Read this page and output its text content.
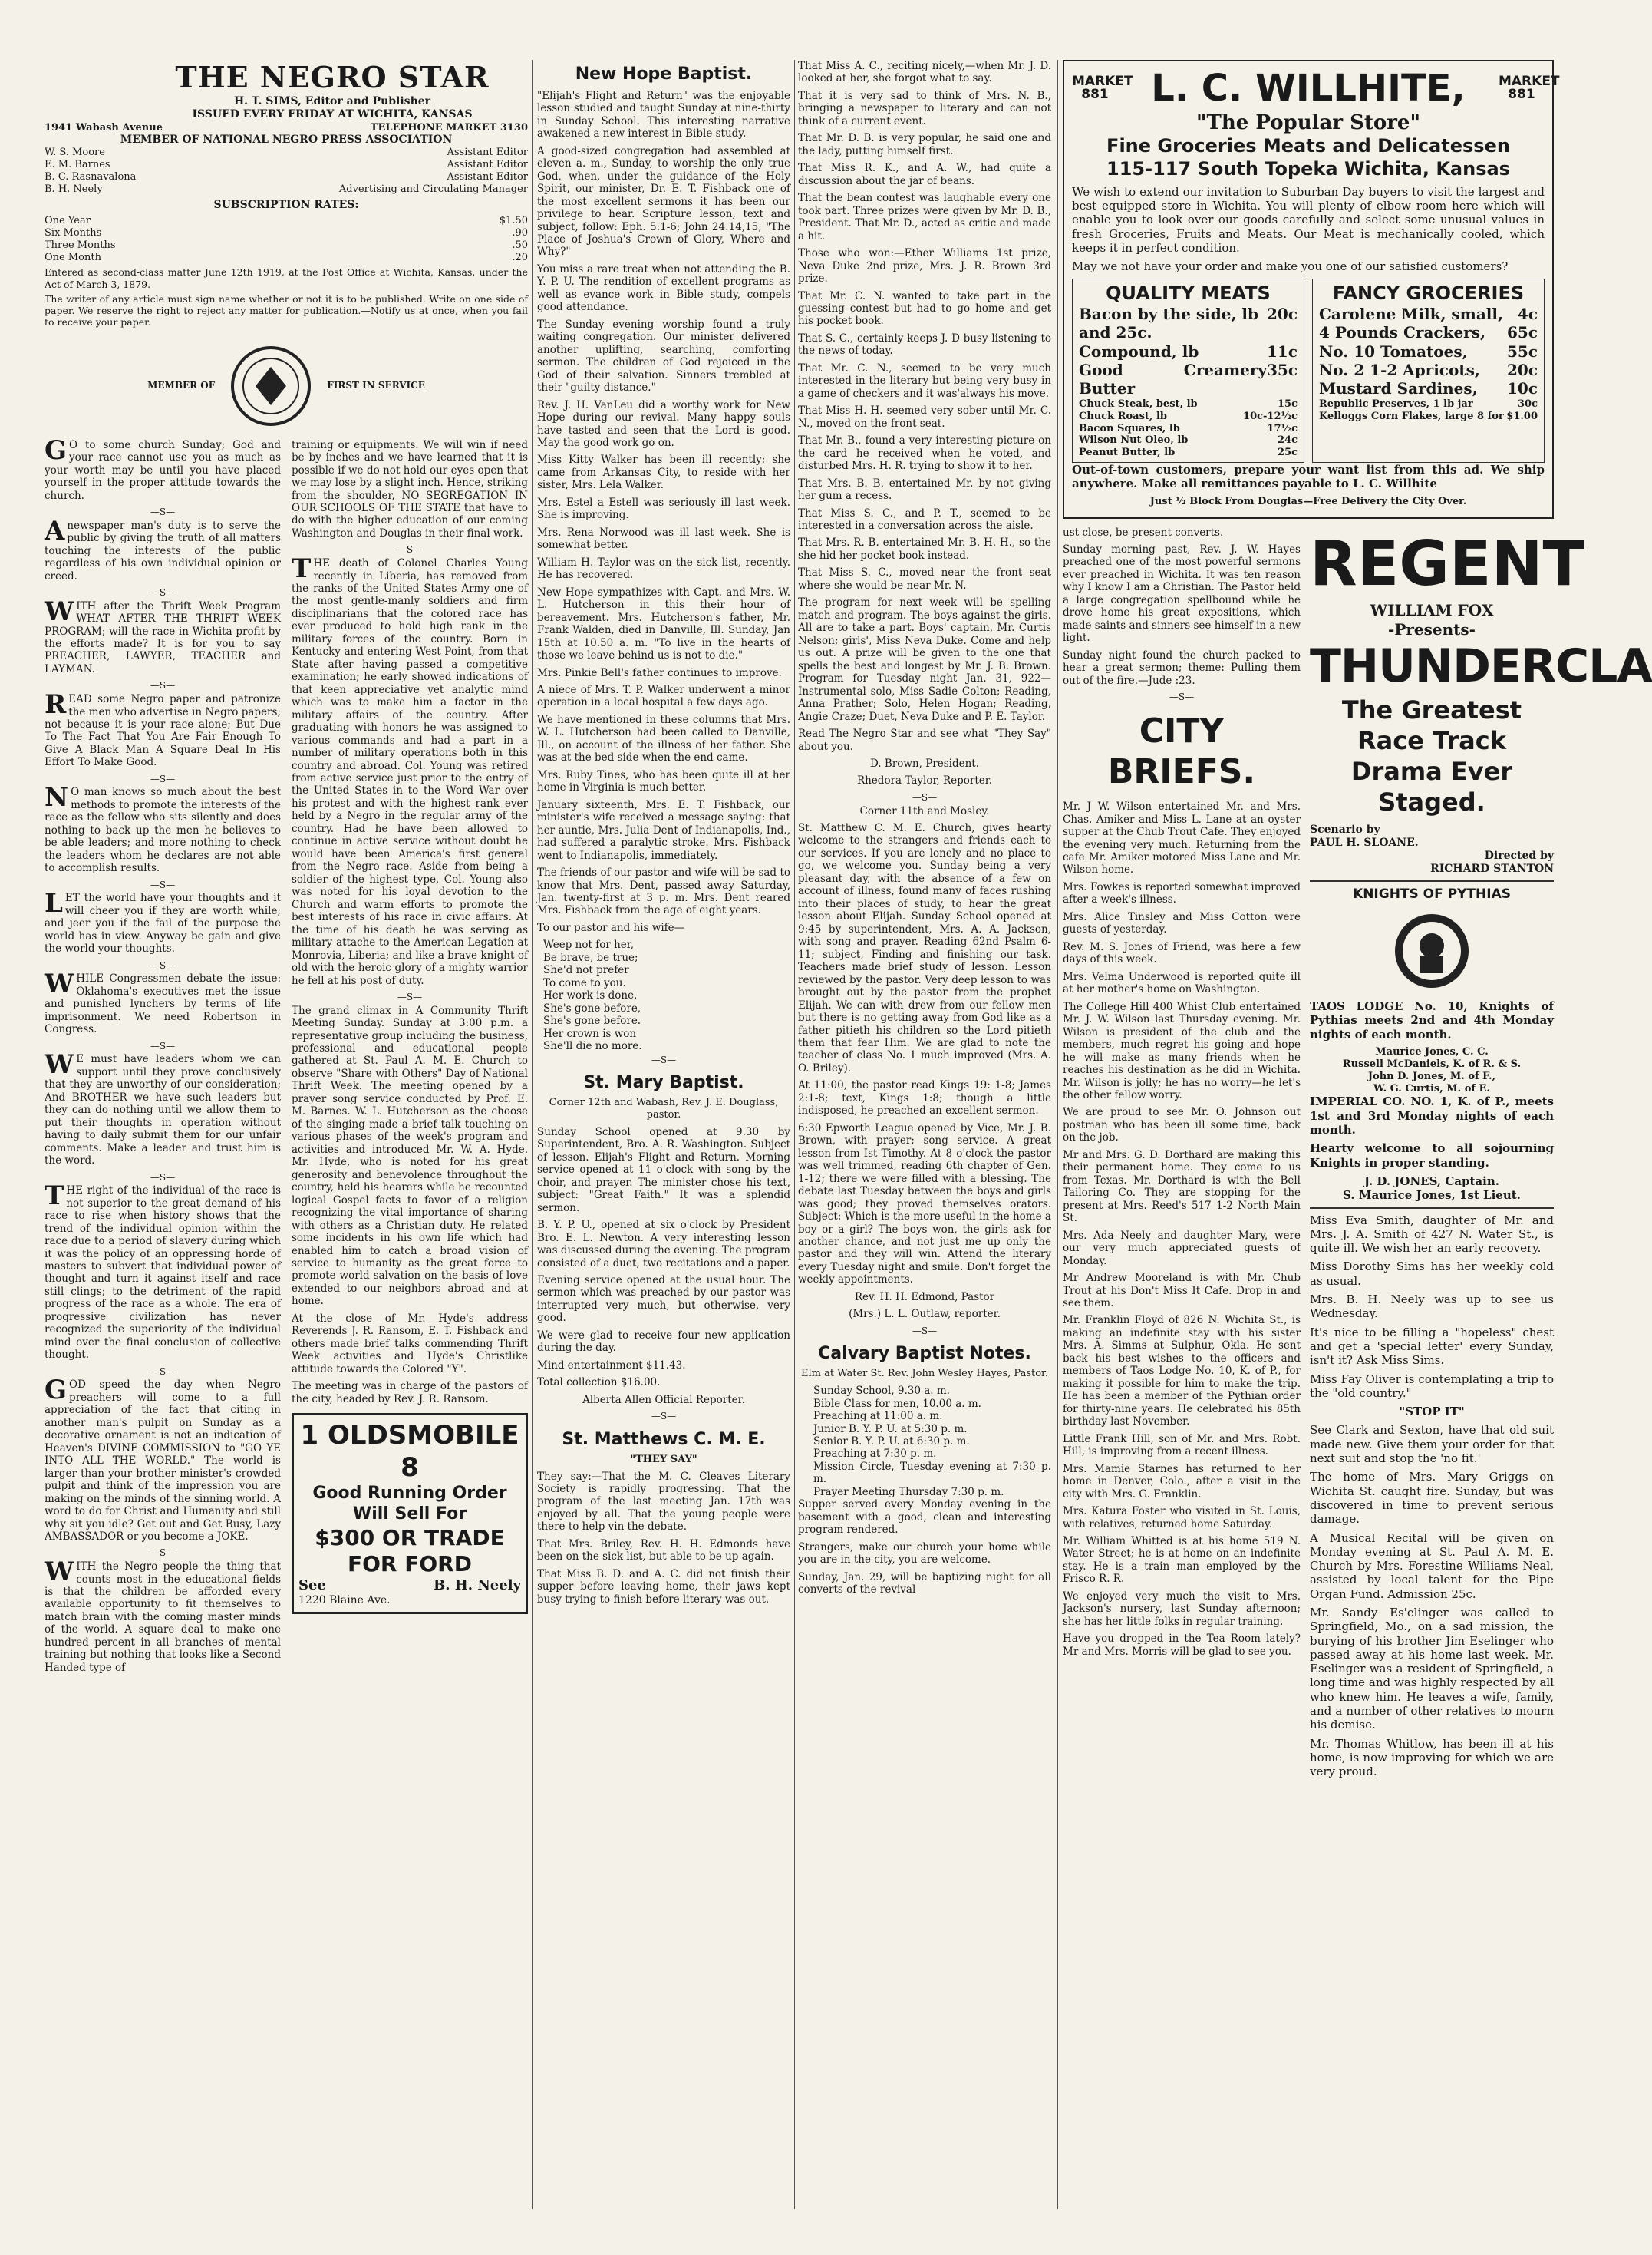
THE NEGRO STAR
H. T. SIMS, Editor and Publisher
ISSUED EVERY FRIDAY AT WICHITA, KANSAS
1941 Wabash Avenue	TELEPHONE MARKET 3130
MEMBER OF NATIONAL NEGRO PRESS ASSOCIATION
W. S. Moore	Assistant Editor
E. M. Barnes	Assistant Editor
B. C. Rasnavalona	Assistant Editor
B. H. Neely	Advertising and Circulating Manager
SUBSCRIPTION RATES:
One Year	$1.50
Six Months	.90
Three Months	.50
One Month	.20
Entered as second-class matter June 12th 1919, at the Post Office at Wichita, Kansas, under the Act of March 3, 1879.
The writer of any article must sign name whether or not it is to be published. Write on one side of paper. We reserve the right to reject any matter for publication.—Notify us at once, when you fail to receive your paper.
MEMBER OF	FIRST IN SERVICE

GO to some church Sunday; God and your race cannot use you as much as your worth may be until you have placed yourself in the proper attitude towards the church.

—S—

Anewspaper man's duty is to serve the public by giving the truth of all matters touching the interests of the public regardless of his own individual opinion or creed.

—S—

WITH after the Thrift Week Program WHAT AFTER THE THRIFT WEEK PROGRAM; will the race in Wichita profit by the efforts made? It is for you to say PREACHER, LAWYER, TEACHER and LAYMAN.

—S—

READ some Negro paper and patronize the men who advertise in Negro papers; not because it is your race alone; But Due To The Fact That You Are Fair Enough To Give A Black Man A Square Deal In His Effort To Make Good.

—S—

NO man knows so much about the best methods to promote the interests of the race as the fellow who sits silently and does nothing to back up the men he believes to be able leaders; and more nothing to check the leaders whom he declares are not able to accomplish results.

—S—

LET the world have your thoughts and it will cheer you if they are worth while; and jeer you if the fail of the purpose the world has in view. Anyway be gain and give the world your thoughts.

—S—

WHILE Congressmen debate the issue: Oklahoma's executives met the issue and punished lynchers by terms of life imprisonment. We need Robertson in Congress.

—S—

WE must have leaders whom we can support until they prove conclusively that they are unworthy of our consideration; And BROTHER we have such leaders but they can do nothing until we allow them to put their thoughts in operation without having to daily submit them for our unfair comments. Make a leader and trust him is the word.

—S—

THE right of the individual of the race is not superior to the great demand of his race to rise when history shows that the trend of the individual opinion within the race due to a period of slavery during which it was the policy of an oppressing horde of masters to subvert that individual power of thought and turn it against itself and race still clings; to the detriment of the rapid progress of the race as a whole. The era of progressive civilization has never recognized the superiority of the individual mind over the final conclusion of collective thought.

—S—

GOD speed the day when Negro preachers will come to a full appreciation of the fact that citing in another man's pulpit on Sunday as a decorative ornament is not an indication of Heaven's DIVINE COMMISSION to "GO YE INTO ALL THE WORLD." The world is larger than your brother minister's crowded pulpit and think of the impression you are making on the minds of the sinning world. A word to do for Christ and Humanity and still why sit you idle? Get out and Get Busy, Lazy AMBASSADOR or you become a JOKE.

—S—

WITH the Negro people the thing that counts most in the educational fields is that the children be afforded every available opportunity to fit themselves to match brain with the coming master minds of the world. A square deal to make one hundred percent in all branches of mental training but nothing that looks like a Second Handed type of

training or equipments. We will win if need be by inches and we have learned that it is possible if we do not hold our eyes open that we may lose by a slight inch. Hence, striking from the shoulder, NO SEGREGATION IN OUR SCHOOLS OF THE STATE that have to do with the higher education of our coming Washington and Douglas in their final work.

—S—

THE death of Colonel Charles Young recently in Liberia, has removed from the ranks of the United States Army one of the most gentle-manly soldiers and firm disciplinarians that the colored race has ever produced to hold high rank in the military forces of the country. Born in Kentucky and entering West Point, from that State after having passed a competitive examination; he early showed indications of that keen appreciative yet analytic mind which was to make him a factor in the military affairs of the country. After graduating with honors he was assigned to various commands and had a part in a number of military operations both in this country and abroad. Col. Young was retired from active service just prior to the entry of the United States in to the Word War over his protest and with the highest rank ever held by a Negro in the regular army of the country. Had he have been allowed to continue in active service without doubt he would have been America's first general from the Negro race. Aside from being a soldier of the highest type, Col. Young also was noted for his loyal devotion to the Church and warm efforts to promote the best interests of his race in civic affairs. At the time of his death he was serving as military attache to the American Legation at Monrovia, Liberia; and like a brave knight of old with the heroic glory of a mighty warrior he fell at his post of duty.

—S—

The grand climax in A Community Thrift Meeting Sunday. Sunday at 3:00 p.m. a representative group including the business, professional and educational people gathered at St. Paul A. M. E. Church to observe "Share with Others" Day of National Thrift Week. The meeting opened by a prayer song service conducted by Prof. E. M. Barnes. W. L. Hutcherson as the choose of the singing made a brief talk touching on various phases of the week's program and activities and introduced Mr. W. A. Hyde. Mr. Hyde, who is noted for his great generosity and benevolence throughout the country, held his hearers while he recounted logical Gospel facts to favor of a religion recognizing the vital importance of sharing with others as a Christian duty. He related some incidents in his own life which had enabled him to catch a broad vision of service to humanity as the great force to promote world salvation on the basis of love extended to our neighbors abroad and at home.

At the close of Mr. Hyde's address Reverends J. R. Ransom, E. T. Fishback and others made brief talks commending Thrift Week activities and Hyde's Christlike attitude towards the Colored "Y".

The meeting was in charge of the pastors of the city, headed by Rev. J. R. Ransom.

1 OLDSMOBILE 8
Good Running Order
Will Sell For
$300 OR TRADE FOR FORD
See	B. H. Neely
1220 Blaine Ave.
New Hope Baptist.

"Elijah's Flight and Return" was the enjoyable lesson studied and taught Sunday at nine-thirty in Sunday School. This interesting narrative awakened a new interest in Bible study.

A good-sized congregation had assembled at eleven a. m., Sunday, to worship the only true God, when, under the guidance of the Holy Spirit, our minister, Dr. E. T. Fishback one of the most excellent sermons it has been our privilege to hear. Scripture lesson, text and subject, follow: Eph. 5:1-6; John 24:14,15; "The Place of Joshua's Crown of Glory, Where and Why?"

You miss a rare treat when not attending the B. Y. P. U. The rendition of excellent programs as well as evance work in Bible study, compels good attendance.

The Sunday evening worship found a truly waiting congregation. Our minister delivered another uplifting, searching, comforting sermon. The children of God rejoiced in the God of their salvation. Sinners trembled at their "guilty distance."

Rev. J. H. VanLeu did a worthy work for New Hope during our revival. Many happy souls have tasted and seen that the Lord is good. May the good work go on.

Miss Kitty Walker has been ill recently; she came from Arkansas City, to reside with her sister, Mrs. Lela Walker.

Mrs. Estel a Estell was seriously ill last week. She is improving.

Mrs. Rena Norwood was ill last week. She is somewhat better.

William H. Taylor was on the sick list, recently. He has recovered.

New Hope sympathizes with Capt. and Mrs. W. L. Hutcherson in this their hour of bereavement. Mrs. Hutcherson's father, Mr. Frank Walden, died in Danville, Ill. Sunday, Jan 15th at 10.50 a. m. "To live in the hearts of those we leave behind us is not to die."

Mrs. Pinkie Bell's father continues to improve.

A niece of Mrs. T. P. Walker underwent a minor operation in a local hospital a few days ago.

We have mentioned in these columns that Mrs. W. L. Hutcherson had been called to Danville, Ill., on account of the illness of her father. She was at the bed side when the end came.

Mrs. Ruby Tines, who has been quite ill at her home in Virginia is much better.

January sixteenth, Mrs. E. T. Fishback, our minister's wife received a message saying: that her auntie, Mrs. Julia Dent of Indianapolis, Ind., had suffered a paralytic stroke. Mrs. Fishback went to Indianapolis, immediately.

The friends of our pastor and wife will be sad to know that Mrs. Dent, passed away Saturday, Jan. twenty-first at 3 p. m. Mrs. Dent reared Mrs. Fishback from the age of eight years.

To our pastor and his wife—

Weep not for her,
Be brave, be true;
She'd not prefer
To come to you.
Her work is done,
She's gone before,
She's gone before.
Her crown is won
She'll die no more.
—S—
St. Mary Baptist.

Corner 12th and Wabash, Rev. J. E. Douglass, pastor.

Sunday School opened at 9.30 by Superintendent, Bro. A. R. Washington. Subject of lesson. Elijah's Flight and Return. Morning service opened at 11 o'clock with song by the choir, and prayer. The minister chose his text, subject: "Great Faith." It was a splendid sermon.

B. Y. P. U., opened at six o'clock by President Bro. E. L. Newton. A very interesting lesson was discussed during the evening. The program consisted of a duet, two recitations and a paper.

Evening service opened at the usual hour. The sermon which was preached by our pastor was interrupted very much, but otherwise, very good.

We were glad to receive four new application during the day.

Mind entertainment $11.43.

Total collection $16.00.

Alberta Allen Official Reporter.

—S—
St. Matthews C. M. E.

"THEY SAY"

They say:—That the M. C. Cleaves Literary Society is rapidly progressing. That the program of the last meeting Jan. 17th was enjoyed by all. That the young people were there to help vin the debate.

That Mrs. Briley, Rev. H. H. Edmonds have been on the sick list, but able to be up again.

That Miss B. D. and A. C. did not finish their supper before leaving home, their jaws kept busy trying to finish before literary was out.

That Miss A. C., reciting nicely,—when Mr. J. D. looked at her, she forgot what to say.

That it is very sad to think of Mrs. N. B., bringing a newspaper to literary and can not think of a current event.

That Mr. D. B. is very popular, he said one and the lady, putting himself first.

That Miss R. K., and A. W., had quite a discussion about the jar of beans.

That the bean contest was laughable every one took part. Three prizes were given by Mr. D. B., President. That Mr. D., acted as critic and made a hit.

Those who won:—Ether Williams 1st prize, Neva Duke 2nd prize, Mrs. J. R. Brown 3rd prize.

That Mr. C. N. wanted to take part in the guessing contest but had to go home and get his pocket book.

That S. C., certainly keeps J. D busy listening to the news of today.

That Mr. C. N., seemed to be very much interested in the literary but being very busy in a game of checkers and it was'always his move.

That Miss H. H. seemed very sober until Mr. C. N., moved on the front seat.

That Mr. B., found a very interesting picture on the card he received when he voted, and disturbed Mrs. H. R. trying to show it to her.

That Mrs. B. B. entertained Mr. by not giving her gum a recess.

That Miss S. C., and P. T., seemed to be interested in a conversation across the aisle.

That Mrs. R. B. entertained Mr. B. H. H., so the she hid her pocket book instead.

That Miss S. C., moved near the front seat where she would be near Mr. N.

The program for next week will be spelling match and program. The boys against the girls. All are to take a part. Boys' captain, Mr. Curtis Nelson; girls', Miss Neva Duke. Come and help us out. A prize will be given to the one that spells the best and longest by Mr. J. B. Brown. Program for Tuesday night Jan. 31, 922—Instrumental solo, Miss Sadie Colton; Reading, Anna Prather; Solo, Helen Hogan; Reading, Angie Craze; Duet, Neva Duke and P. E. Taylor.

Read The Negro Star and see what "They Say" about you.

D. Brown, President.

Rhedora Taylor, Reporter.

—S—

Corner 11th and Mosley.

St. Matthew C. M. E. Church, gives hearty welcome to the strangers and friends each to our services. If you are lonely and no place to go, we welcome you. Sunday being a very pleasant day, with the absence of a few on account of illness, found many of faces rushing into their places of study, to hear the great lesson about Elijah. Sunday School opened at 9:45 by superintendent, Mrs. A. A. Jackson, with song and prayer. Reading 62nd Psalm 6-11; subject, Finding and finishing our task. Teachers made brief study of lesson. Lesson reviewed by the pastor. Very deep lesson to was brought out by the pastor from the prophet Elijah. We can with drew from our fellow men but there is no getting away from God like as a father pitieth his children so the Lord pitieth them that fear Him. We are glad to note the teacher of class No. 1 much improved (Mrs. A. O. Briley).

At 11:00, the pastor read Kings 19: 1-8; James 2:1-8; text, Kings 1:8; though a little indisposed, he preached an excellent sermon.

6:30 Epworth League opened by Vice, Mr. J. B. Brown, with prayer; song service. A great lesson from Ist Timothy. At 8 o'clock the pastor was well trimmed, reading 6th chapter of Gen. 1-12; there we were filled with a blessing. The debate last Tuesday between the boys and girls was good; they proved themselves orators. Subject: Which is the more useful in the home a boy or a girl? The boys won, the girls ask for another chance, and not just me up only the pastor and they will win. Attend the literary every Tuesday night and smile. Don't forget the weekly appointments.

Rev. H. H. Edmond, Pastor

(Mrs.) L. L. Outlaw, reporter.

—S—
Calvary Baptist Notes.

Elm at Water St. Rev. John Wesley Hayes, Pastor.

Sunday School, 9.30 a. m.
Bible Class for men, 10.00 a. m.
Preaching at 11:00 a. m.
Junior B. Y. P. U. at 5:30 p. m.
Senior B. Y. P. U. at 6:30 p. m.
Preaching at 7:30 p. m.
Mission Circle, Tuesday evening at 7:30 p. m.
Prayer Meeting Thursday 7:30 p. m.

Supper served every Monday evening in the basement with a good, clean and interesting program rendered.

Strangers, make our church your home while you are in the city, you are welcome.

Sunday, Jan. 29, will be baptizing night for all converts of the revival

MARKET 881 L. C. WILLHITE,	MARKET 881
"The Popular Store"
Fine Groceries Meats and Delicatessen
115-117 South Topeka Wichita, Kansas

We wish to extend our invitation to Suburban Day buyers to visit the largest and best equipped store in Wichita. You will plenty of elbow room here which will enable you to look over our goods carefully and select some unusual values in fresh Groceries, Fruits and Meats. Our Meat is mechanically cooled, which keeps it in perfect condition.

May we not have your order and make you one of our satisfied customers?

QUALITY MEATS
Bacon by the side, lb 20c
and 25c.
Compound, lb	11c
Good Creamery Butter
35c
Chuck Steak, best, lb	15c
Chuck Roast, lb	10c-12½c
Bacon Squares, lb	17½c
Wilson Nut Oleo, lb	24c
Peanut Butter, lb	25c
FANCY GROCERIES
Carolene Milk, small, 4c
4 Pounds Crackers, 65c
No. 10 Tomatoes,	55c
No. 2 1-2 Apricots, 20c
Mustard Sardines, 10c
Republic Preserves, 1 lb jar	30c
Kelloggs Corn Flakes, large 8 for $1.00

Out-of-town customers, prepare your want list from this ad. We ship anywhere. Make all remittances payable to L. C. Willhite

Just ½ Block From Douglas—Free Delivery the City Over.

ust close, be present converts.

Sunday morning past, Rev. J. W. Hayes preached one of the most powerful sermons ever preached in Wichita. It was ten reason why I know I am a Christian. The Pastor held a large congregation spellbound while he drove home his great expositions, which made saints and sinners see himself in a new light.

Sunday night found the church packed to hear a great sermon; theme: Pulling them out of the fire.—Jude :23.

—S—
CITY BRIEFS.

Mr. J W. Wilson entertained Mr. and Mrs. Chas. Amiker and Miss L. Lane at an oyster supper at the Chub Trout Cafe. They enjoyed the evening very much. Returning from the cafe Mr. Amiker motored Miss Lane and Mr. Wilson home.

Mrs. Fowkes is reported somewhat improved after a week's illness.

Mrs. Alice Tinsley and Miss Cotton were guests of yesterday.

Rev. M. S. Jones of Friend, was here a few days of this week.

Mrs. Velma Underwood is reported quite ill at her mother's home on Washington.

The College Hill 400 Whist Club entertained Mr. J. W. Wilson last Thursday evening. Mr. Wilson is president of the club and the members, much regret his going and hope he will make as many friends when he reaches his destination as he did in Wichita. Mr. Wilson is jolly; he has no worry—he let's the other fellow worry.

We are proud to see Mr. O. Johnson out postman who has been ill some time, back on the job.

Mr and Mrs. G. D. Dorthard are making this their permanent home. They come to us from Texas. Mr. Dorthard is with the Bell Tailoring Co. They are stopping for the present at Mrs. Reed's 517 1-2 North Main St.

Mrs. Ada Neely and daughter Mary, were our very much appreciated guests of Monday.

Mr Andrew Mooreland is with Mr. Chub Trout at his Don't Miss It Cafe. Drop in and see them.

Mr. Franklin Floyd of 826 N. Wichita St., is making an indefinite stay with his sister Mrs. A. Simms at Sulphur, Okla. He sent back his best wishes to the officers and members of Taos Lodge No. 10, K. of P., for making it possible for him to make the trip. He has been a member of the Pythian order for thirty-nine years. He celebrated his 85th birthday last November.

Little Frank Hill, son of Mr. and Mrs. Robt. Hill, is improving from a recent illness.

Mrs. Mamie Starnes has returned to her home in Denver, Colo., after a visit in the city with Mrs. G. Franklin.

Mrs. Katura Foster who visited in St. Louis, with relatives, returned home Saturday.

Mr. William Whitted is at his home 519 N. Water Street; he is at home on an indefinite stay. He is a train man employed by the Frisco R. R.

We enjoyed very much the visit to Mrs. Jackson's nursery, last Sunday afternoon; she has her little folks in regular training.

Have you dropped in the Tea Room lately? Mr and Mrs. Morris will be glad to see you.

REGENT
WILLIAM FOX
-Presents-
THUNDERCLA
The Greatest Race Track Drama Ever Staged.
Scenario by
PAUL H. SLOANE.
Directed by
RICHARD STANTON
KNIGHTS OF PYTHIAS

TAOS LODGE No. 10, Knights of Pythias meets 2nd and 4th Monday nights of each month.

Maurice Jones, C. C.
Russell McDaniels, K. of R. & S.
John D. Jones, M. of F.,
W. G. Curtis, M. of E.

IMPERIAL CO. NO. 1, K. of P., meets 1st and 3rd Monday nights of each month.

Hearty welcome to all sojourning Knights in proper standing.

J. D. JONES, Captain.
S. Maurice Jones, 1st Lieut.

Miss Eva Smith, daughter of Mr. and Mrs. J. A. Smith of 427 N. Water St., is quite ill. We wish her an early recovery.

Miss Dorothy Sims has her weekly cold as usual.

Mrs. B. H. Neely was up to see us Wednesday.

It's nice to be filling a "hopeless" chest and get a 'special letter' every Sunday, isn't it? Ask Miss Sims.

Miss Fay Oliver is contemplating a trip to the "old country."

"STOP IT"

See Clark and Sexton, have that old suit made new. Give them your order for that next suit and stop the 'no fit.'

The home of Mrs. Mary Griggs on Wichita St. caught fire. Sunday, but was discovered in time to prevent serious damage.

A Musical Recital will be given on Monday evening at St. Paul A. M. E. Church by Mrs. Forestine Williams Neal, assisted by local talent for the Pipe Organ Fund. Admission 25c.

Mr. Sandy Es'elinger was called to Springfield, Mo., on a sad mission, the burying of his brother Jim Eselinger who passed away at his home last week. Mr. Eselinger was a resident of Springfield, a long time and was highly respected by all who knew him. He leaves a wife, family, and a number of other relatives to mourn his demise.

Mr. Thomas Whitlow, has been ill at his home, is now improving for which we are very proud.
